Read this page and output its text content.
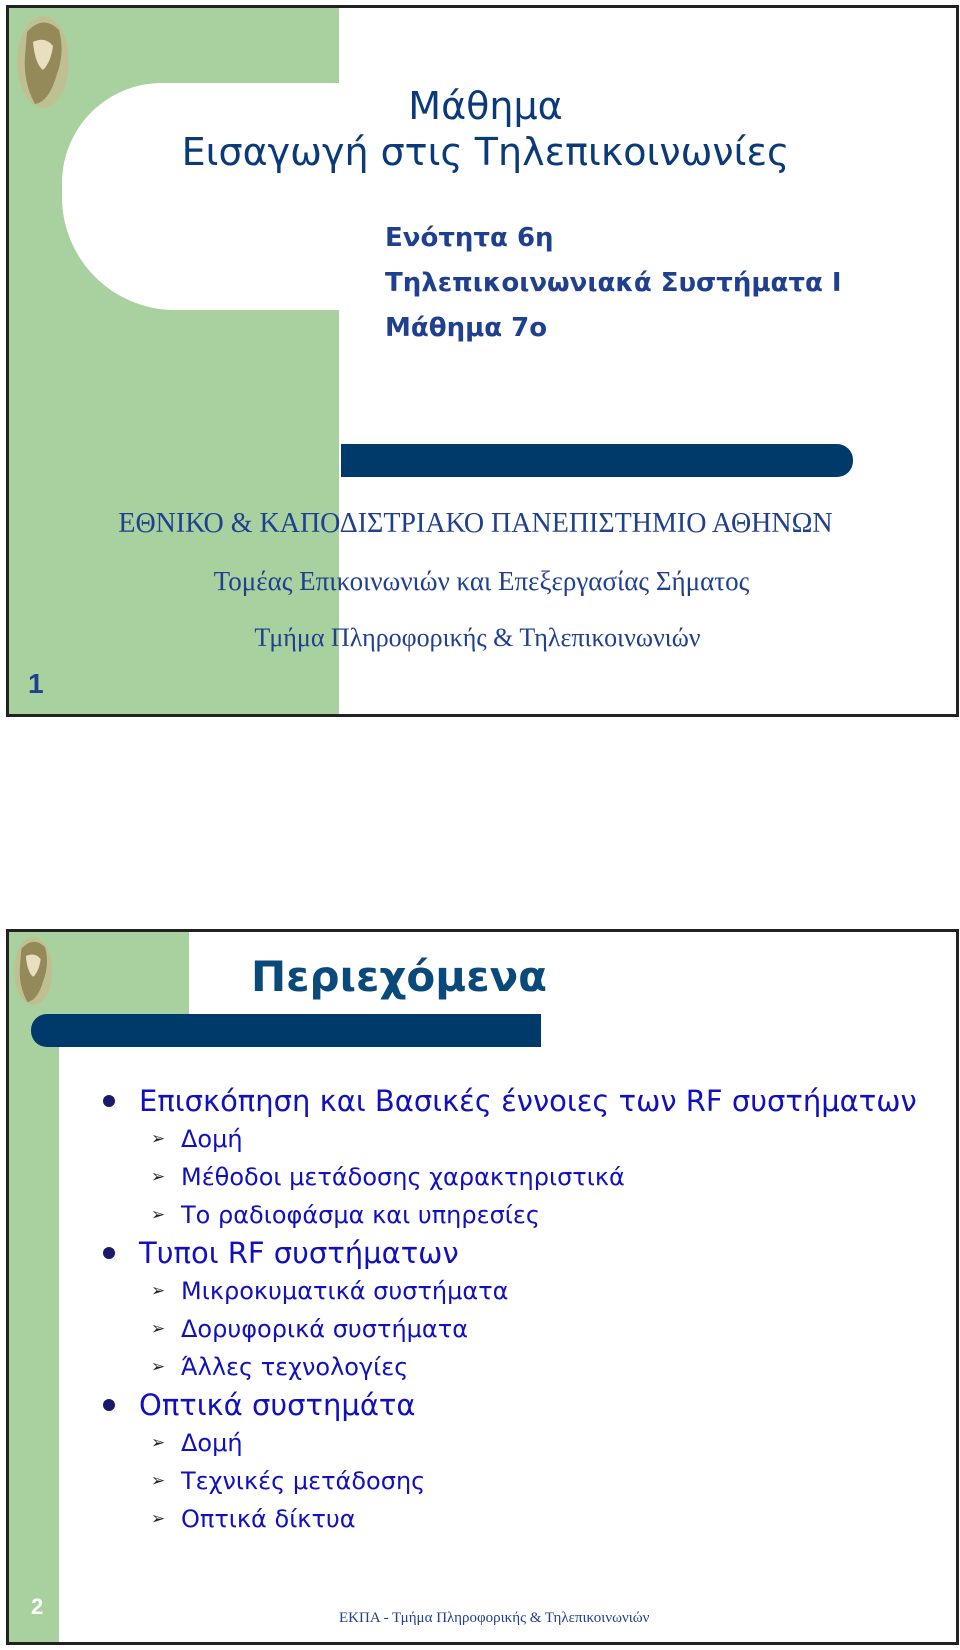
Μάθημα
Εισαγωγή στις Τηλεπικοινωνίες
Ενότητα 6η
Τηλεπικοινωνιακά Συστήματα Ι
Μάθημα 7ο
ΕΘΝΙΚΟ & ΚΑΠΟΔΙΣΤΡΙΑΚΟ ΠΑΝΕΠΙΣΤΗΜΙΟ ΑΘΗΝΩΝ
Τομέας Επικοινωνιών και Επεξεργασίας Σήματος
Τμήμα Πληροφορικής & Τηλεπικοινωνιών
1
Περιεχόμενα
Επισκόπηση και Βασικές έννοιες των RF συστήματων
➢ Δομή
➢ Μέθοδοι μετάδοσης χαρακτηριστικά
➢ Το ραδιοφάσμα και υπηρεσίες
Τυποι RF συστήματων
➢ Μικροκυματικά συστήματα
➢ Δορυφορικά συστήματα
➢ Άλλες τεχνολογίες
Οπτικά συστημάτα
➢ Δομή
➢ Τεχνικές μετάδοσης
➢ Οπτικά δίκτυα
2	ΕΚΠΑ - Τμήμα Πληροφορικής & Τηλεπικοινωνιών
